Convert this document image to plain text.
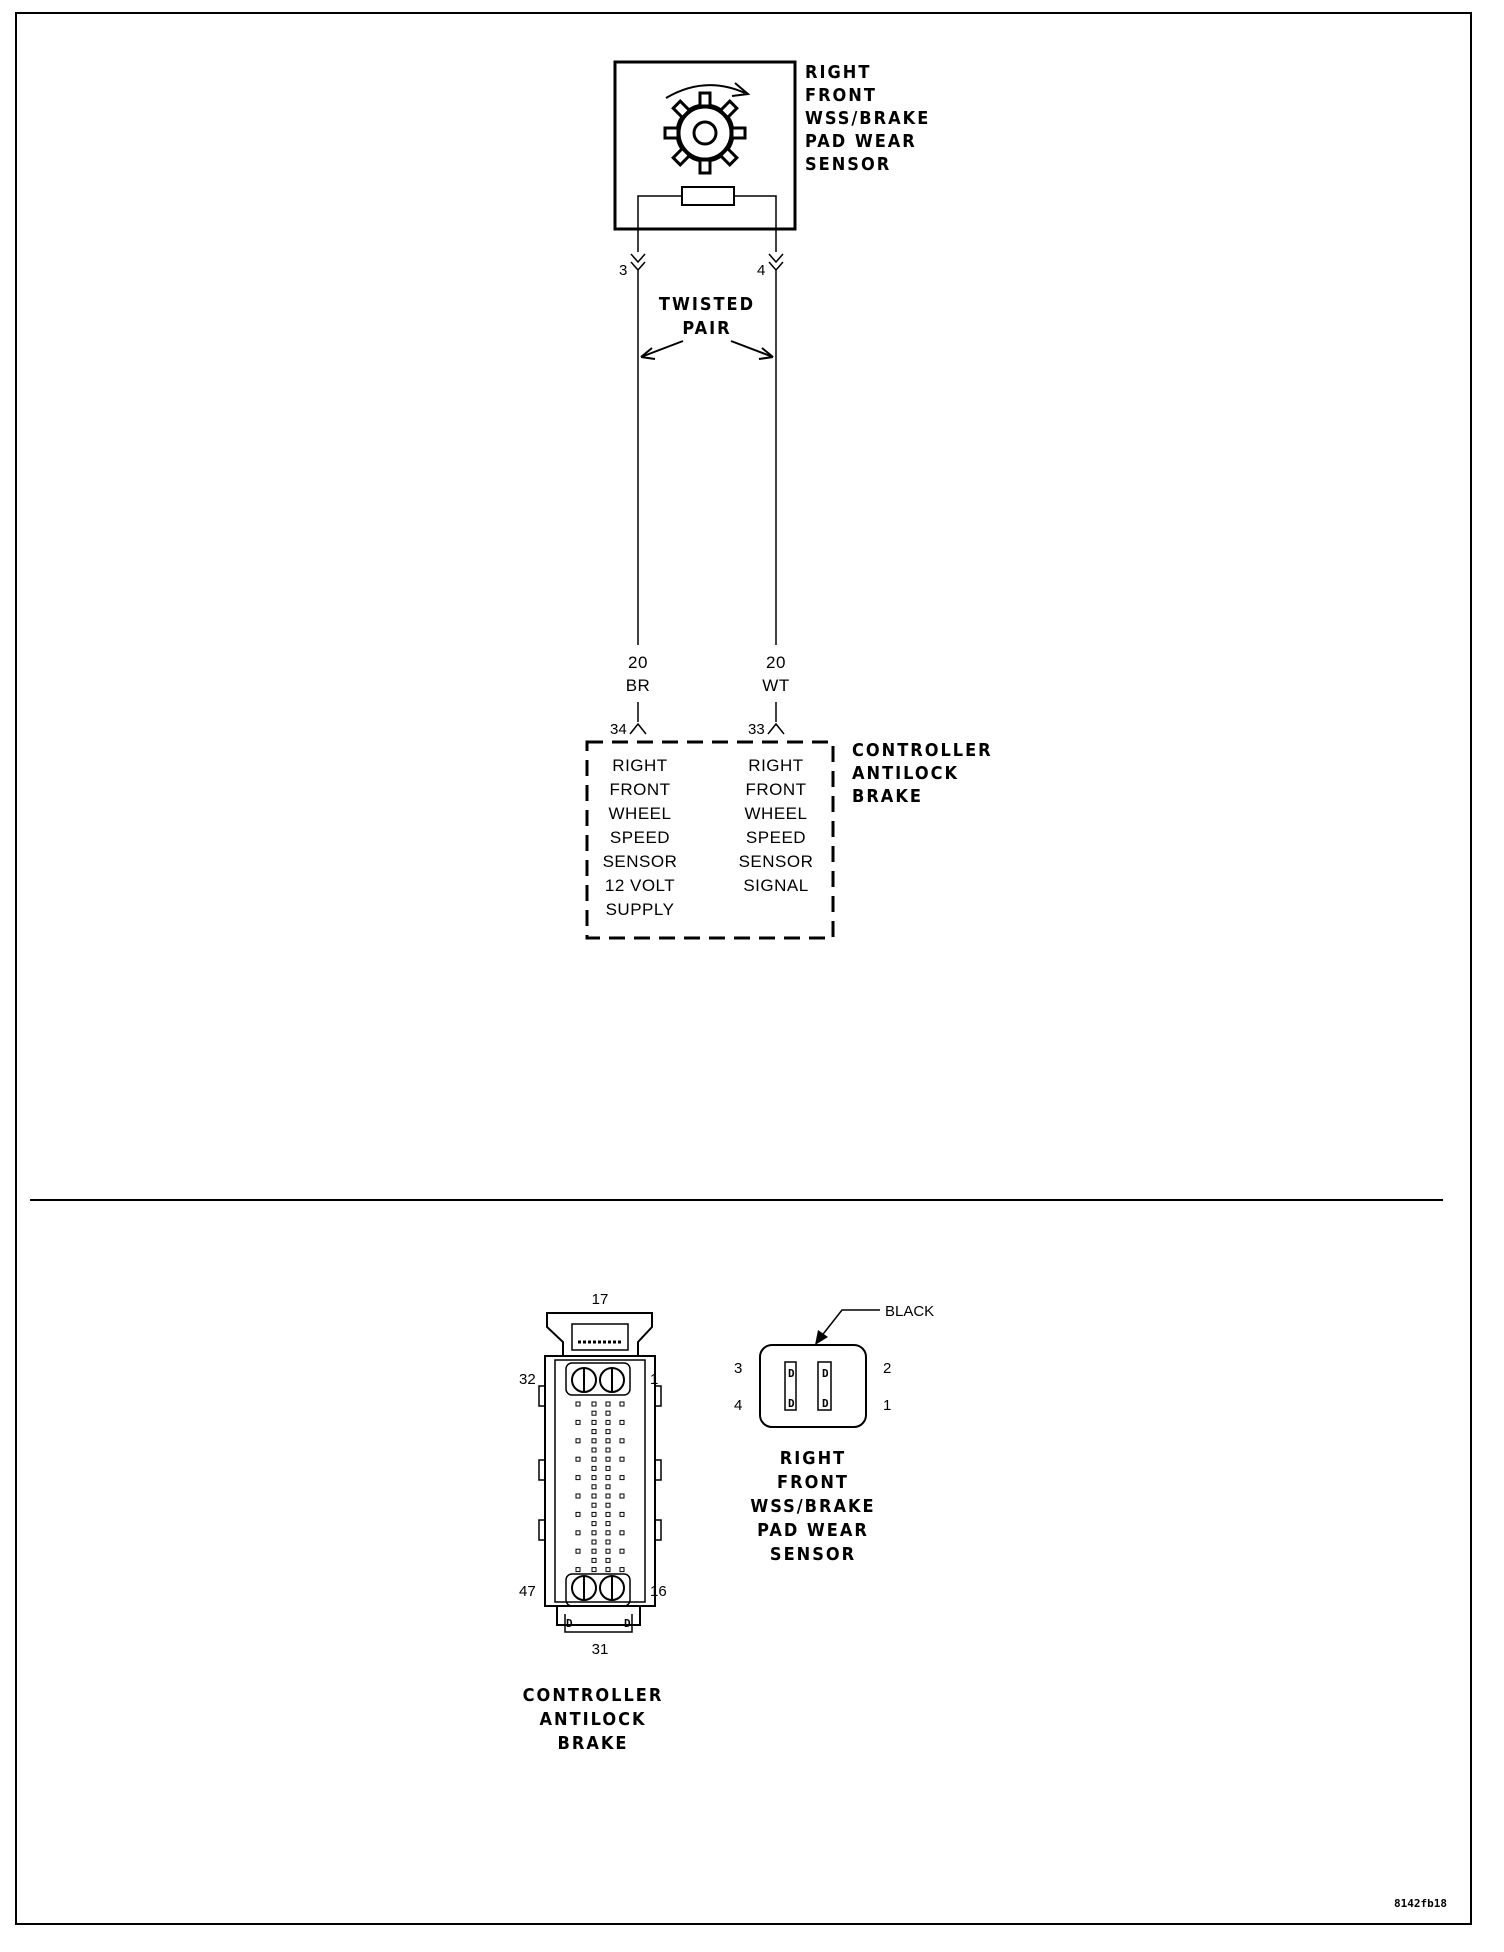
RIGHT
FRONT
WSS/BRAKE
PAD WEAR
SENSOR
3	4
TWISTED
PAIR
20
BR
20
WT
34	33
RIGHT
FRONT
WHEEL
SPEED
SENSOR
12 VOLT
SUPPLY
RIGHT
FRONT
WHEEL
SPEED
SENSOR
SIGNAL
CONTROLLER
ANTILOCK
BRAKE
D	D
17
32	1
47	16
31
CONTROLLER
ANTILOCK
BRAKE
D
D
D
D
BLACK
3
4
2
1
RIGHT
FRONT
WSS/BRAKE
PAD WEAR
SENSOR
8142fb18
